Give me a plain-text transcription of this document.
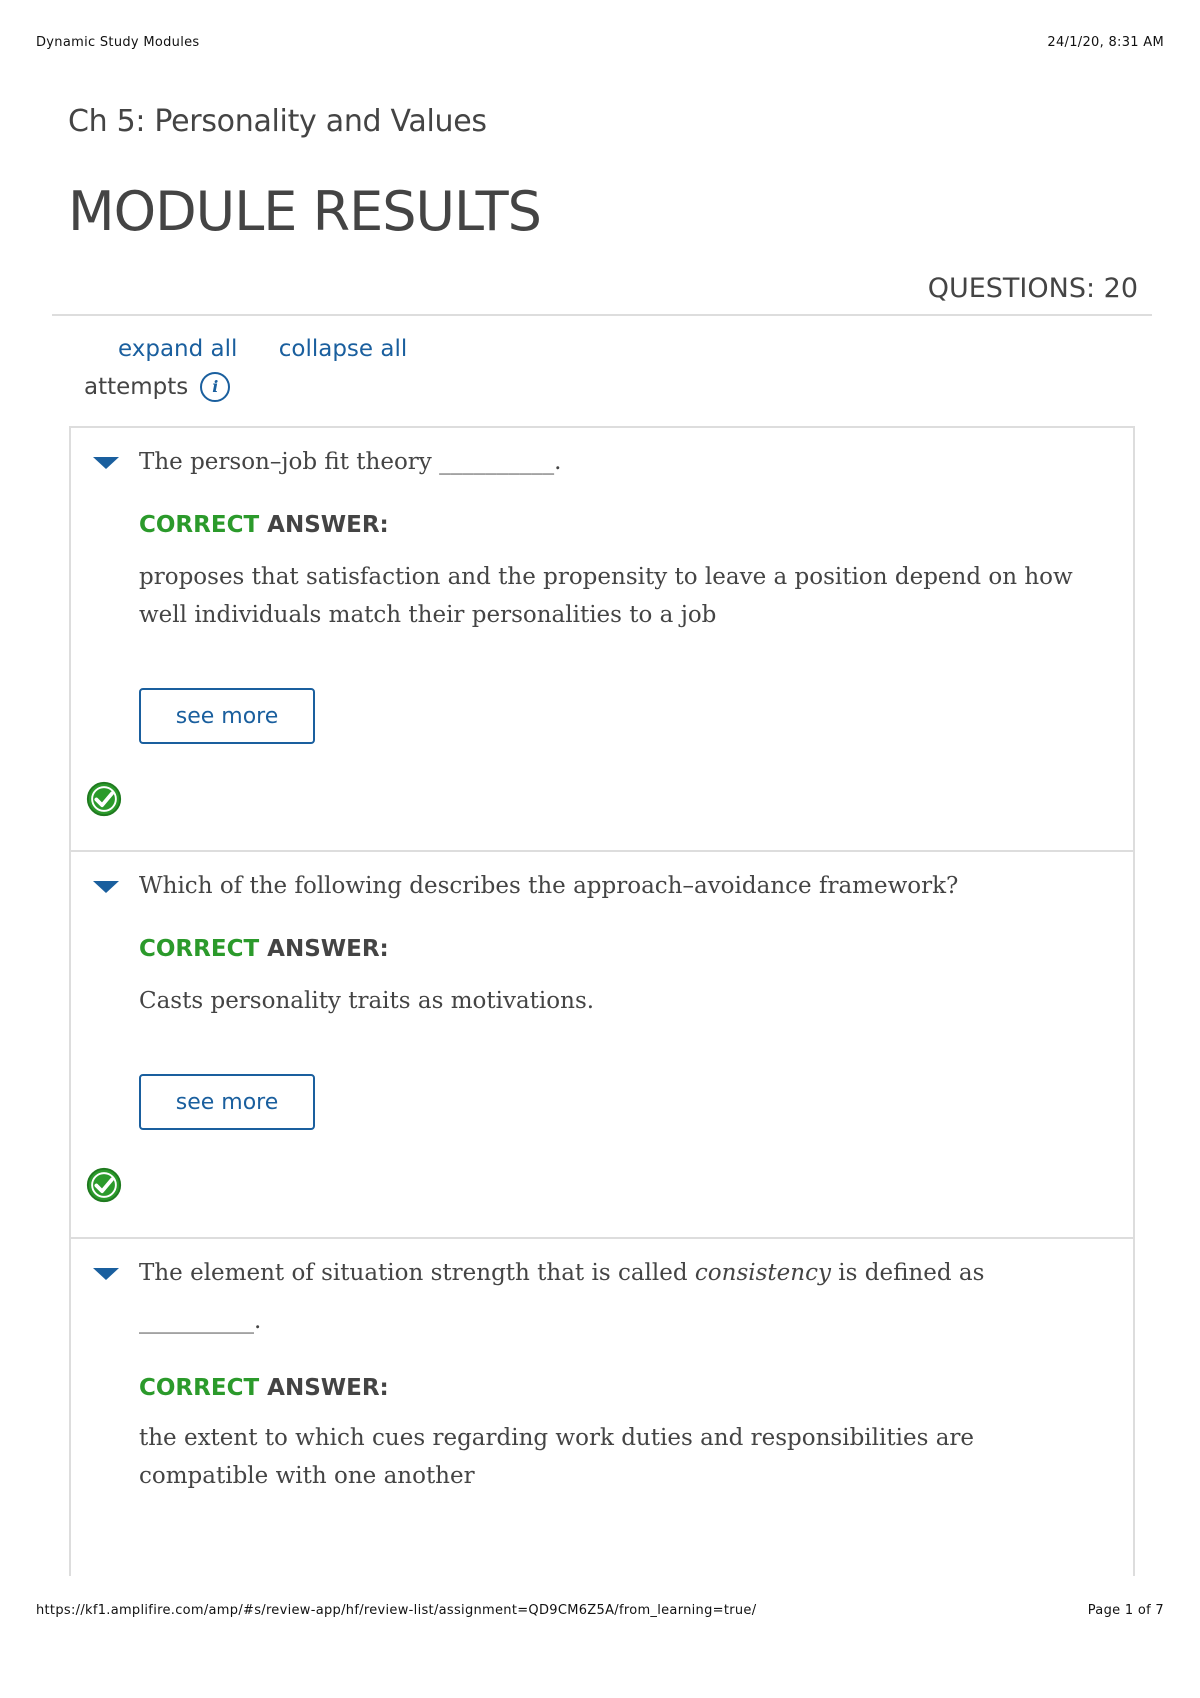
Dynamic Study Modules	24/1/20, 8:31 AM
Ch 5: Personality and Values
MODULE RESULTS
QUESTIONS: 20
expand all collapse all
attempts	i
The person–job fit theory __________.
CORRECT ANSWER:
proposes that satisfaction and the propensity to leave a position depend on how well individuals match their personalities to a job
see more
Which of the following describes the approach–avoidance framework?
CORRECT ANSWER:
Casts personality traits as motivations.
see more
The element of situation strength that is called consistency is defined as __________.
CORRECT ANSWER:
the extent to which cues regarding work duties and responsibilities are compatible with one another
https://kf1.amplifire.com/amp/#s/review-app/hf/review-list/assignment=QD9CM6Z5A/from_learning=true/	Page 1 of 7
